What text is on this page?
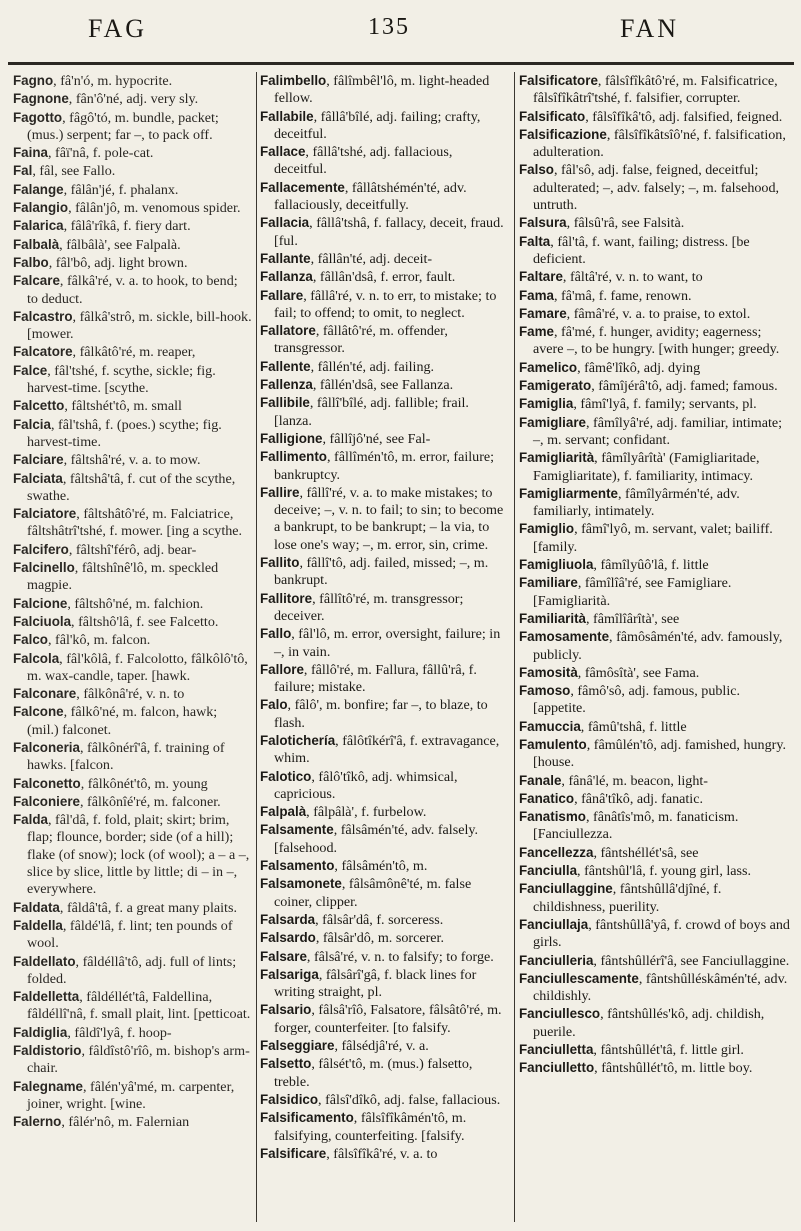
FAG	135	FAN

Fagno, fâ'n'ó, m. hypocrite.

Fagnone, fân'ô'né, adj. very sly.

Fagotto, fâgô'tó, m. bundle, packet; (mus.) serpent; far –, to pack off.

Faina, fâï'nâ, f. pole-cat.

Fal, fâl, see Fallo.

Falange, fâlân'jé, f. phalanx.

Falangio, fâlân'jô, m. venomous spider.

Falarica, fâlâ'rîkâ, f. fiery dart.

Falbalà, fâlbâlà', see Falpalà.

Falbo, fâl'bô, adj. light brown.

Falcare, fâlkâ'ré, v. a. to hook, to bend; to deduct.

Falcastro, fâlkâ'strô, m. sickle, bill-hook. [mower.

Falcatore, fâlkâtô'ré, m. reaper,

Falce, fâl'tshé, f. scythe, sickle; fig. harvest-time. [scythe.

Falcetto, fâltshét'tô, m. small

Falcia, fâl'tshâ, f. (poes.) scythe; fig. harvest-time.

Falciare, fâltshâ'ré, v. a. to mow.

Falciata, fâltshâ'tâ, f. cut of the scythe, swathe.

Falciatore, fâltshâtô'ré, m. Falciatrice, fâltshâtrî'tshé, f. mower. [ing a scythe.

Falcifero, fâltshî'férô, adj. bear-

Falcinello, fâltshînê'lô, m. speckled magpie.

Falcione, fâltshô'né, m. falchion.

Falciuola, fâltshô'lâ, f. see Falcetto.

Falco, fâl'kô, m. falcon.

Falcola, fâl'kôlâ, f. Falcolotto, fâlkôlô'tô, m. wax-candle, taper. [hawk.

Falconare, fâlkônâ'ré, v. n. to

Falcone, fâlkô'né, m. falcon, hawk; (mil.) falconet.

Falconeria, fâlkônérî'â, f. training of hawks. [falcon.

Falconetto, fâlkônét'tô, m. young

Falconiere, fâlkônîé'ré, m. falconer.

Falda, fâl'dâ, f. fold, plait; skirt; brim, flap; flounce, border; side (of a hill); flake (of snow); lock (of wool); a – a –, slice by slice, little by little; di – in –, everywhere.

Faldata, fâldâ'tâ, f. a great many plaits.

Faldella, fâldé'lâ, f. lint; ten pounds of wool.

Faldellato, fâldéllâ'tô, adj. full of lints; folded.

Faldelletta, fâldéllét'tâ, Faldellina, fâldéllî'nâ, f. small plait, lint. [petticoat.

Faldiglia, fâldî'lyâ, f. hoop-

Faldistorio, fâldîstô'rîô, m. bishop's arm-chair.

Falegname, fâlén'yâ'mé, m. carpenter, joiner, wright. [wine.

Falerno, fâlér'nô, m. Falernian

Falimbello, fâlîmbêl'lô, m. light-headed fellow.

Fallabile, fâllâ'bîlé, adj. failing; crafty, deceitful.

Fallace, fâllâ'tshé, adj. fallacious, deceitful.

Fallacemente, fâllâtshémén'té, adv. fallaciously, deceitfully.

Fallacia, fâllâ'tshâ, f. fallacy, deceit, fraud. [ful.

Fallante, fâllân'té, adj. deceit-

Fallanza, fâllân'dsâ, f. error, fault.

Fallare, fâllâ'ré, v. n. to err, to mistake; to fail; to offend; to omit, to neglect.

Fallatore, fâllâtô'ré, m. offender, transgressor.

Fallente, fâllén'té, adj. failing.

Fallenza, fâllén'dsâ, see Fallanza.

Fallibile, fâllî'bîlé, adj. fallible; frail. [lanza.

Falligione, fâllîjô'né, see Fal-

Fallimento, fâllîmén'tô, m. error, failure; bankruptcy.

Fallire, fâllî'ré, v. a. to make mistakes; to deceive; –, v. n. to fail; to sin; to become a bankrupt, to be bankrupt; – la via, to lose one's way; –, m. error, sin, crime.

Fallito, fâllî'tô, adj. failed, missed; –, m. bankrupt.

Fallitore, fâllîtô'ré, m. transgressor; deceiver.

Fallo, fâl'lô, m. error, oversight, failure; in –, in vain.

Fallore, fâllô'ré, m. Fallura, fâllû'râ, f. failure; mistake.

Falo, fâlô', m. bonfire; far –, to blaze, to flash.

Falotichería, fâlôtîkérî'â, f. extravagance, whim.

Falotico, fâlô'tîkô, adj. whimsical, capricious.

Falpalà, fâlpâlà', f. furbelow.

Falsamente, fâlsâmén'té, adv. falsely. [falsehood.

Falsamento, fâlsâmén'tô, m.

Falsamonete, fâlsâmônê'té, m. false coiner, clipper.

Falsarda, fâlsâr'dâ, f. sorceress.

Falsardo, fâlsâr'dô, m. sorcerer.

Falsare, fâlsâ'ré, v. n. to falsify; to forge.

Falsariga, fâlsârî'gâ, f. black lines for writing straight, pl.

Falsario, fâlsâ'rîô, Falsatore, fâlsâtô'ré, m. forger, counterfeiter. [to falsify.

Falseggiare, fâlsédjâ'ré, v. a.

Falsetto, fâlsét'tô, m. (mus.) falsetto, treble.

Falsidico, fâlsî'dîkô, adj. false, fallacious.

Falsificamento, fâlsîfîkâmén'tô, m. falsifying, counterfeiting. [falsify.

Falsificare, fâlsîfîkâ'ré, v. a. to

Falsificatore, fâlsîfîkâtô'ré, m. Falsificatrice, fâlsîfîkâtrî'tshé, f. falsifier, corrupter.

Falsificato, fâlsîfîkâ'tô, adj. falsified, feigned.

Falsificazione, fâlsîfîkâtsîô'né, f. falsification, adulteration.

Falso, fâl'sô, adj. false, feigned, deceitful; adulterated; –, adv. falsely; –, m. falsehood, untruth.

Falsura, fâlsû'râ, see Falsità.

Falta, fâl'tâ, f. want, failing; distress. [be deficient.

Faltare, fâltâ'ré, v. n. to want, to

Fama, fâ'mâ, f. fame, renown.

Famare, fâmâ'ré, v. a. to praise, to extol.

Fame, fâ'mé, f. hunger, avidity; eagerness; avere –, to be hungry. [with hunger; greedy.

Famelico, fâmê'lîkô, adj. dying

Famigerato, fâmîjérâ'tô, adj. famed; famous.

Famiglia, fâmî'lyâ, f. family; servants, pl.

Famigliare, fâmîlyâ'ré, adj. familiar, intimate; –, m. servant; confidant.

Famigliarità, fâmîlyârîtà' (Famigliaritade, Famigliaritate), f. familiarity, intimacy.

Famigliarmente, fâmîlyârmén'té, adv. familiarly, intimately.

Famiglio, fâmî'lyô, m. servant, valet; bailiff. [family.

Famigliuola, fâmîlyûô'lâ, f. little

Familiare, fâmîlîâ'ré, see Famigliare. [Famigliarità.

Familiarità, fâmîlîârîtà', see

Famosamente, fâmôsâmén'té, adv. famously, publicly.

Famosità, fâmôsîtà', see Fama.

Famoso, fâmô'sô, adj. famous, public. [appetite.

Famuccia, fâmû'tshâ, f. little

Famulento, fâmûlén'tô, adj. famished, hungry. [house.

Fanale, fânâ'lé, m. beacon, light-

Fanatico, fânâ'tîkô, adj. fanatic.

Fanatismo, fânâtîs'mô, m. fanaticism. [Fanciullezza.

Fancellezza, fântshéllét'sâ, see

Fanciulla, fântshûl'lâ, f. young girl, lass.

Fanciullaggine, fântshûllâ'djîné, f. childishness, puerility.

Fanciullaja, fântshûllâ'yâ, f. crowd of boys and girls.

Fanciulleria, fântshûllérî'â, see Fanciullaggine.

Fanciullescamente, fântshûlléskâmén'té, adv. childishly.

Fanciullesco, fântshûllés'kô, adj. childish, puerile.

Fanciulletta, fântshûllét'tâ, f. little girl.

Fanciulletto, fântshûllét'tô, m. little boy.
